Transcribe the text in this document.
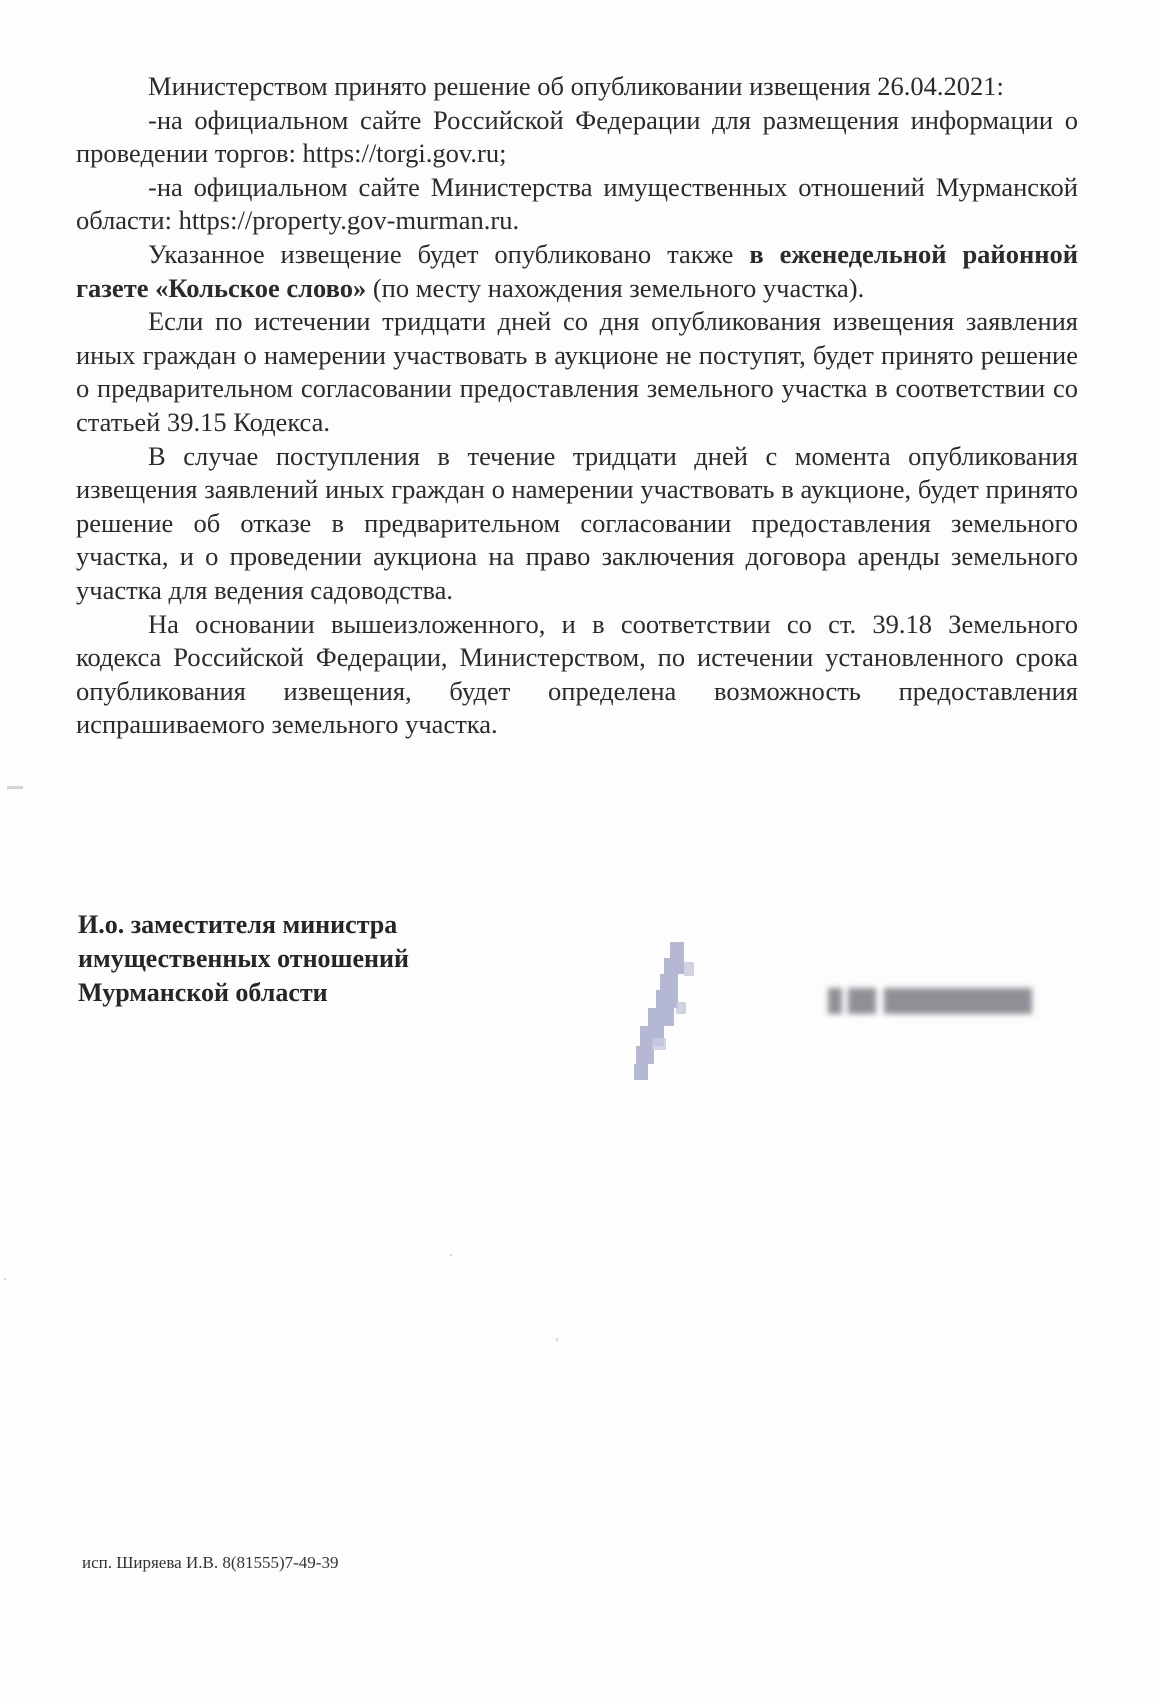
Министерством принято решение об опубликовании извещения 26.04.2021:

-на официальном сайте Российской Федерации для размещения информации о проведении торгов: https://torgi.gov.ru;

-на официальном сайте Министерства имущественных отношений Мурманской области: https://property.gov-murman.ru.

Указанное извещение будет опубликовано также в еженедельной районной газете «Кольское слово» (по месту нахождения земельного участка).

Если по истечении тридцати дней со дня опубликования извещения заявления иных граждан о намерении участвовать в аукционе не поступят, будет принято решение о предварительном согласовании предоставления земельного участка в соответствии со статьей 39.15 Кодекса.

В случае поступления в течение тридцати дней с момента опубликования извещения заявлений иных граждан о намерении участвовать в аукционе, будет принято решение об отказе в предварительном согласовании предоставления земельного участка, и о проведении аукциона на право заключения договора аренды земельного участка для ведения садоводства.

На основании вышеизложенного, и в соответствии со ст. 39.18 Земельного кодекса Российской Федерации, Министерством, по истечении установленного срока опубликования извещения, будет определена возможность предоставления испрашиваемого земельного участка.

И.о. заместителя министра
имущественных отношений
Мурманской области
исп. Ширяева И.В. 8(81555)7-49-39
